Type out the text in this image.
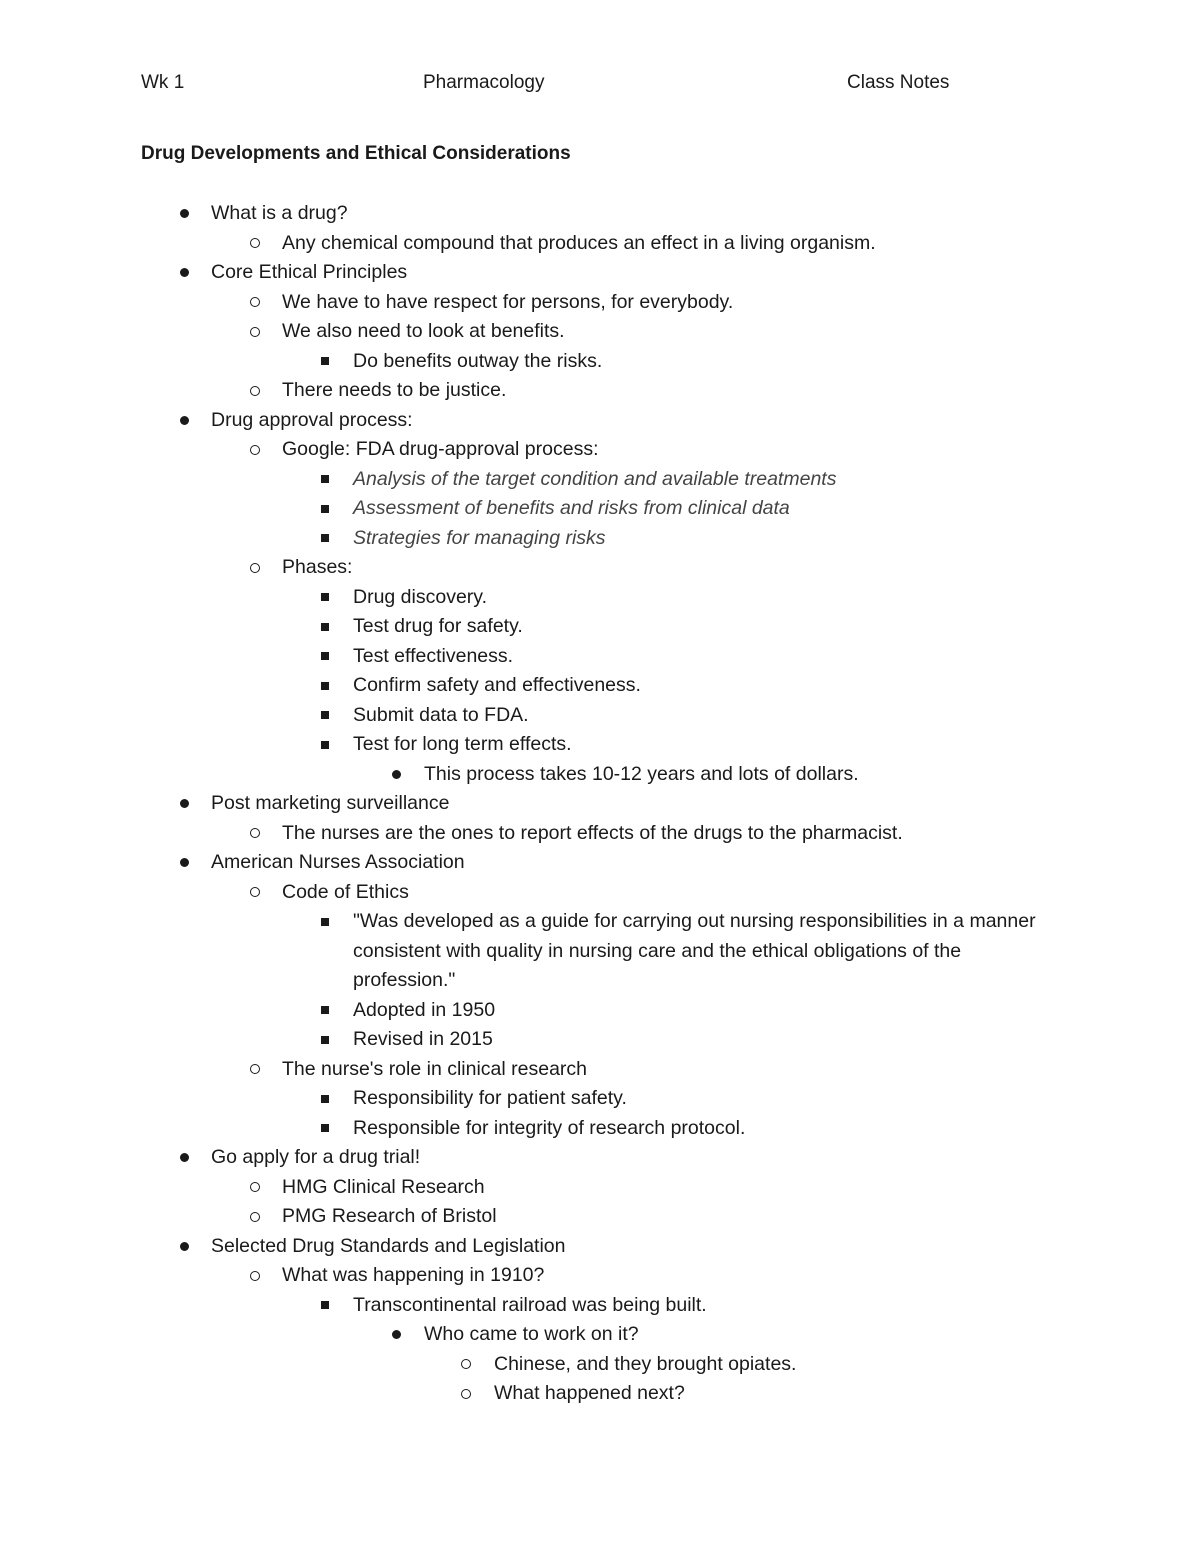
Wk 1	Pharmacology	Class Notes
Drug Developments and Ethical Considerations
What is a drug?
Any chemical compound that produces an effect in a living organism.
Core Ethical Principles
We have to have respect for persons, for everybody.
We also need to look at benefits.
Do benefits outway the risks.
There needs to be justice.
Drug approval process:
Google: FDA drug-approval process:
Analysis of the target condition and available treatments
Assessment of benefits and risks from clinical data
Strategies for managing risks
Phases:
Drug discovery.
Test drug for safety.
Test effectiveness.
Confirm safety and effectiveness.
Submit data to FDA.
Test for long term effects.
This process takes 10-12 years and lots of dollars.
Post marketing surveillance
The nurses are the ones to report effects of the drugs to the pharmacist.
American Nurses Association
Code of Ethics
"Was developed as a guide for carrying out nursing responsibilities in a manner consistent with quality in nursing care and the ethical obligations of the profession."
Adopted in 1950
Revised in 2015
The nurse's role in clinical research
Responsibility for patient safety.
Responsible for integrity of research protocol.
Go apply for a drug trial!
HMG Clinical Research
PMG Research of Bristol
Selected Drug Standards and Legislation
What was happening in 1910?
Transcontinental railroad was being built.
Who came to work on it?
Chinese, and they brought opiates.
What happened next?
